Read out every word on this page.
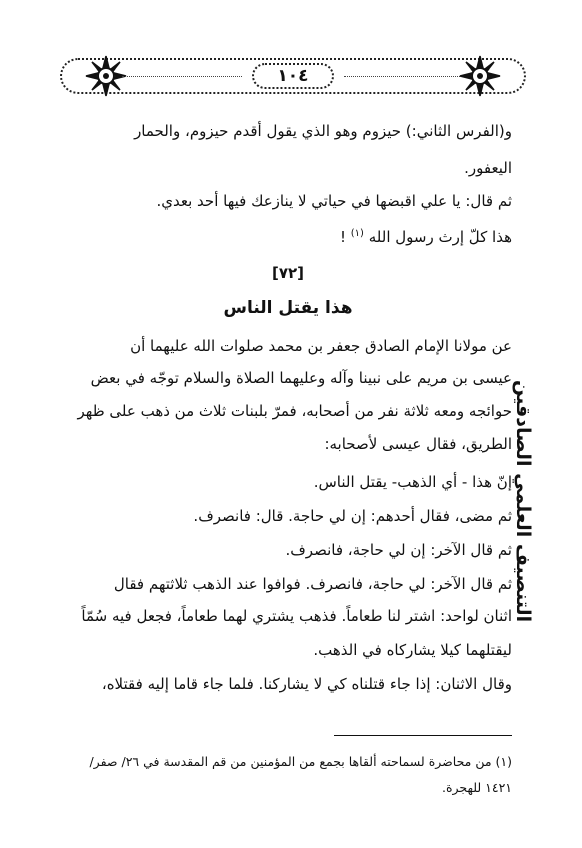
١٠٤
التنصيف العلمي الصادقين
و(الفرس الثاني:) حيزوم وهو الذي يقول أقدم حيزوم، والحمار
اليعفور.
ثم قال: يا علي اقبضها في حياتي لا ينازعك فيها أحد بعدي.
هذا كلّ إرث رسول الله $^{(١)}$ !
[٧٢]
هذا يقتل الناس
عن مولانا الإمام الصادق جعفر بن محمد صلوات الله عليهما أن
عيسى بن مريم على نبينا وآله وعليهما الصلاة والسلام توجّه في بعض
حوائجه ومعه ثلاثة نفر من أصحابه، فمرّ بلبنات ثلاث من ذهب على ظهر
الطريق، فقال عيسى لأصحابه:
إنّ هذا - أي الذهب- يقتل الناس.
ثم مضى، فقال أحدهم: إن لي حاجة. قال: فانصرف.
ثم قال الآخر: إن لي حاجة، فانصرف.
ثم قال الآخر: لي حاجة، فانصرف. فوافوا عند الذهب ثلاثتهم فقال
اثنان لواحد: اشتر لنا طعاماً. فذهب يشتري لهما طعاماً، فجعل فيه سُمّاً
ليقتلهما كيلا يشاركاه في الذهب.
وقال الاثنان: إذا جاء قتلناه كي لا يشاركنا. فلما جاء قاما إليه فقتلاه،
(١) من محاضرة لسماحته ألقاها بجمع من المؤمنين من قم المقدسة في ٢٦/ صفر/
١٤٢١ للهجرة.
